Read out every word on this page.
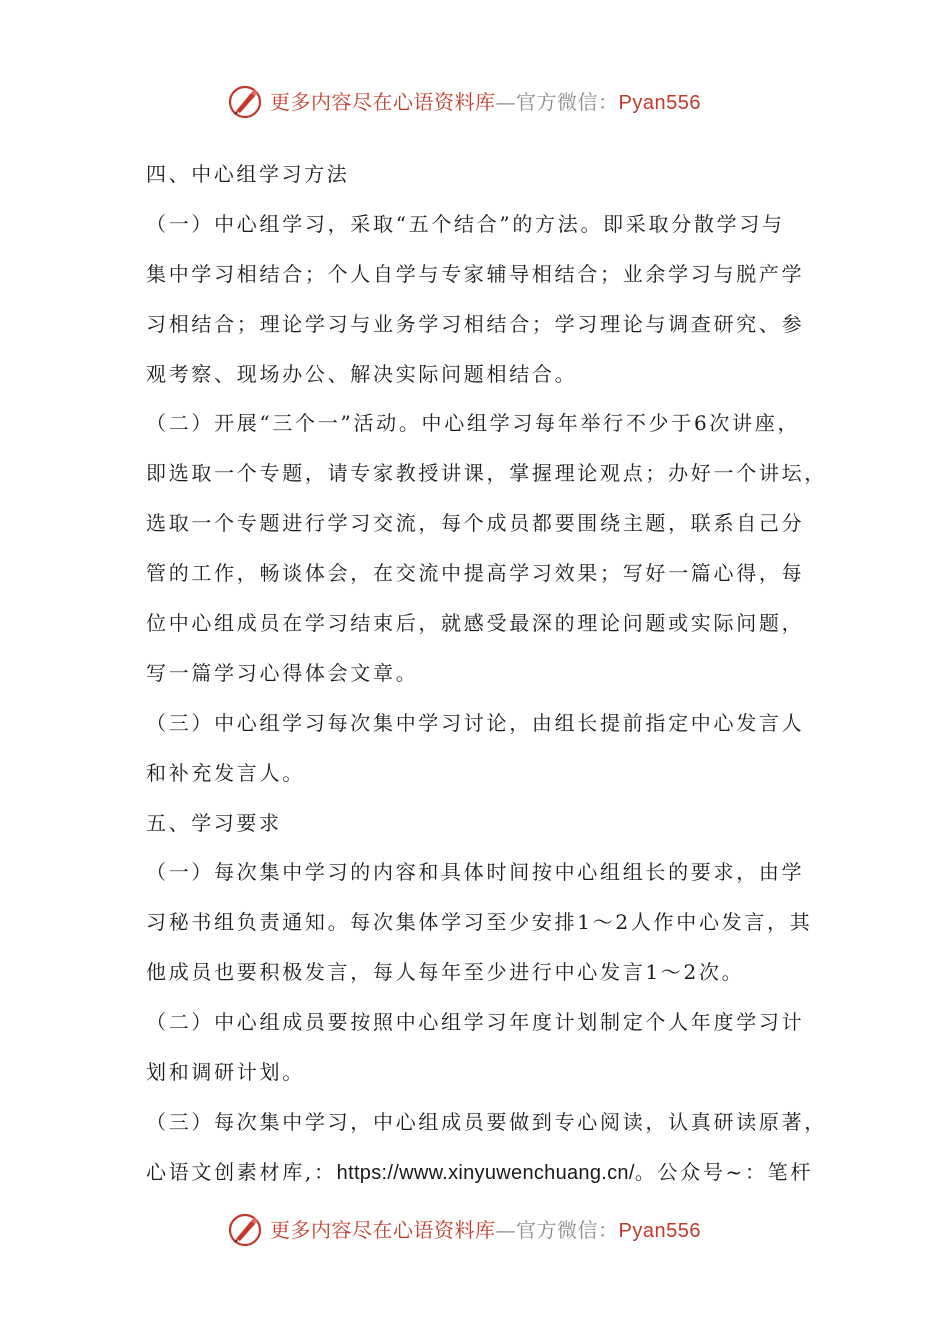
更多内容尽在心语资料库—官方微信：Pyan556
四、中心组学习方法
（一）中心组学习，采取“五个结合”的方法。即采取分散学习与
集中学习相结合；个人自学与专家辅导相结合；业余学习与脱产学
习相结合；理论学习与业务学习相结合；学习理论与调查研究、参
观考察、现场办公、解决实际问题相结合。
（二）开展“三个一”活动。中心组学习每年举行不少于6次讲座，
即选取一个专题，请专家教授讲课，掌握理论观点；办好一个讲坛，
选取一个专题进行学习交流，每个成员都要围绕主题，联系自己分
管的工作，畅谈体会，在交流中提高学习效果；写好一篇心得，每
位中心组成员在学习结束后，就感受最深的理论问题或实际问题，
写一篇学习心得体会文章。
（三）中心组学习每次集中学习讨论，由组长提前指定中心发言人
和补充发言人。
五、学习要求
（一）每次集中学习的内容和具体时间按中心组组长的要求，由学
习秘书组负责通知。每次集体学习至少安排1～2人作中心发言，其
他成员也要积极发言，每人每年至少进行中心发言1～2次。
（二）中心组成员要按照中心组学习年度计划制定个人年度学习计
划和调研计划。
（三）每次集中学习，中心组成员要做到专心阅读，认真研读原著，
心语文创素材库,：https://www.xinyuwenchuang.cn/。公众号~：笔杆
更多内容尽在心语资料库—官方微信：Pyan556
